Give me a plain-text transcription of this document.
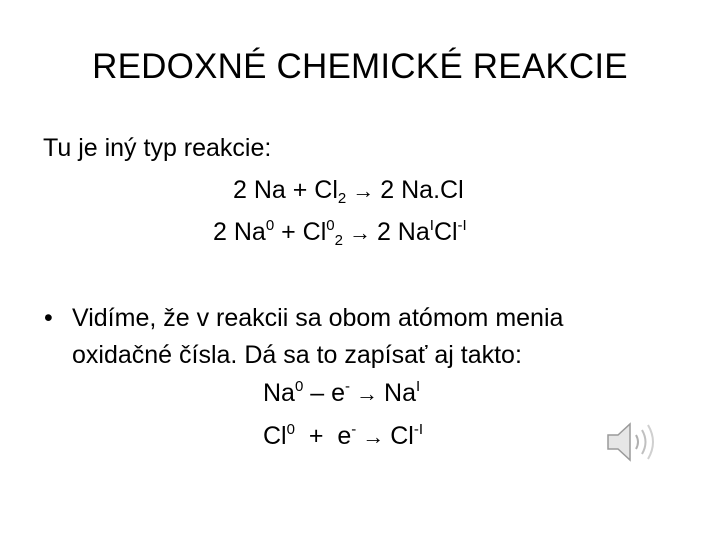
REDOXNÉ CHEMICKÉ REAKCIE
Tu je iný typ reakcie:
2 $Na + Cl_2 \to 2$ Na.Cl
2 $Na^0 + Cl^0_2 \to 2$ $Na^ICl^{-I}$
• Vidíme, že v reakcii sa obom atómom menia
oxidačné čísla. Dá sa to zapísať aj takto:
$Na^0 - e^- \to Na^I$
$Cl^0 + e^- \to Cl^{-I}$
